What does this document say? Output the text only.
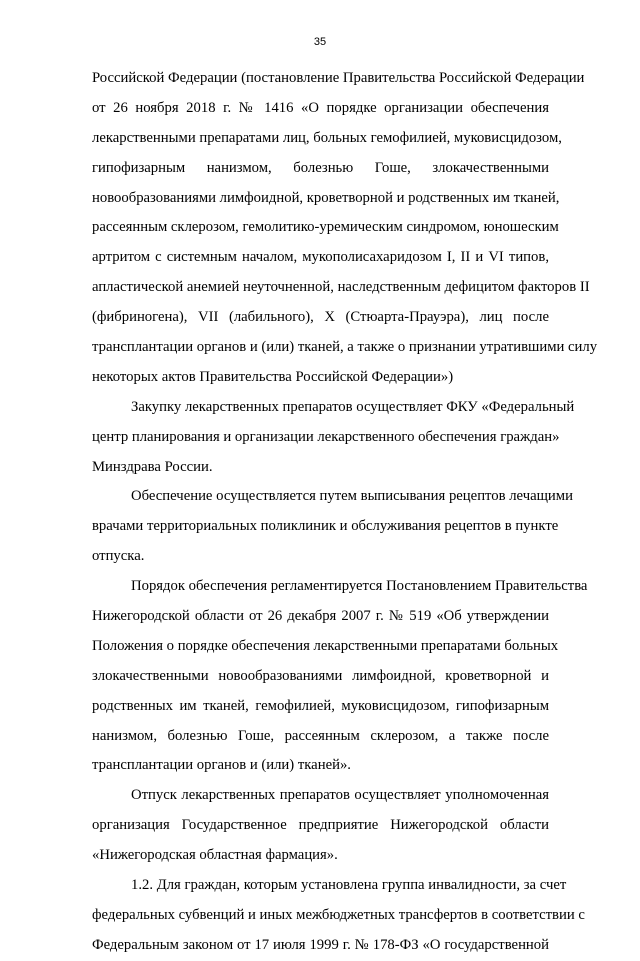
35
Российской Федерации (постановление Правительства Российской Федерации
от 26 ноября 2018 г. № 1416 «О порядке организации обеспечения
лекарственными препаратами лиц, больных гемофилией, муковисцидозом,
гипофизарным нанизмом, болезнью Гоше, злокачественными
новообразованиями лимфоидной, кроветворной и родственных им тканей,
рассеянным склерозом, гемолитико-уремическим синдромом, юношеским
артритом с системным началом, мукополисахаридозом I, II и VI типов,
апластической анемией неуточненной, наследственным дефицитом факторов II
(фибриногена), VII (лабильного), X (Стюарта-Прауэра), лиц после
трансплантации органов и (или) тканей, а также о признании утратившими силу
некоторых актов Правительства Российской Федерации»)
Закупку лекарственных препаратов осуществляет ФКУ «Федеральный
центр планирования и организации лекарственного обеспечения граждан»
Минздрава России.
Обеспечение осуществляется путем выписывания рецептов лечащими
врачами территориальных поликлиник и обслуживания рецептов в пункте
отпуска.
Порядок обеспечения регламентируется Постановлением Правительства
Нижегородской области от 26 декабря 2007 г. № 519 «Об утверждении
Положения о порядке обеспечения лекарственными препаратами больных
злокачественными новообразованиями лимфоидной, кроветворной и
родственных им тканей, гемофилией, муковисцидозом, гипофизарным
нанизмом, болезнью Гоше, рассеянным склерозом, а также после
трансплантации органов и (или) тканей».
Отпуск лекарственных препаратов осуществляет уполномоченная
организация Государственное предприятие Нижегородской области
«Нижегородская областная фармация».
1.2. Для граждан, которым установлена группа инвалидности, за счет
федеральных субвенций и иных межбюджетных трансфертов в соответствии с
Федеральным законом от 17 июля 1999 г. № 178-ФЗ «О государственной
